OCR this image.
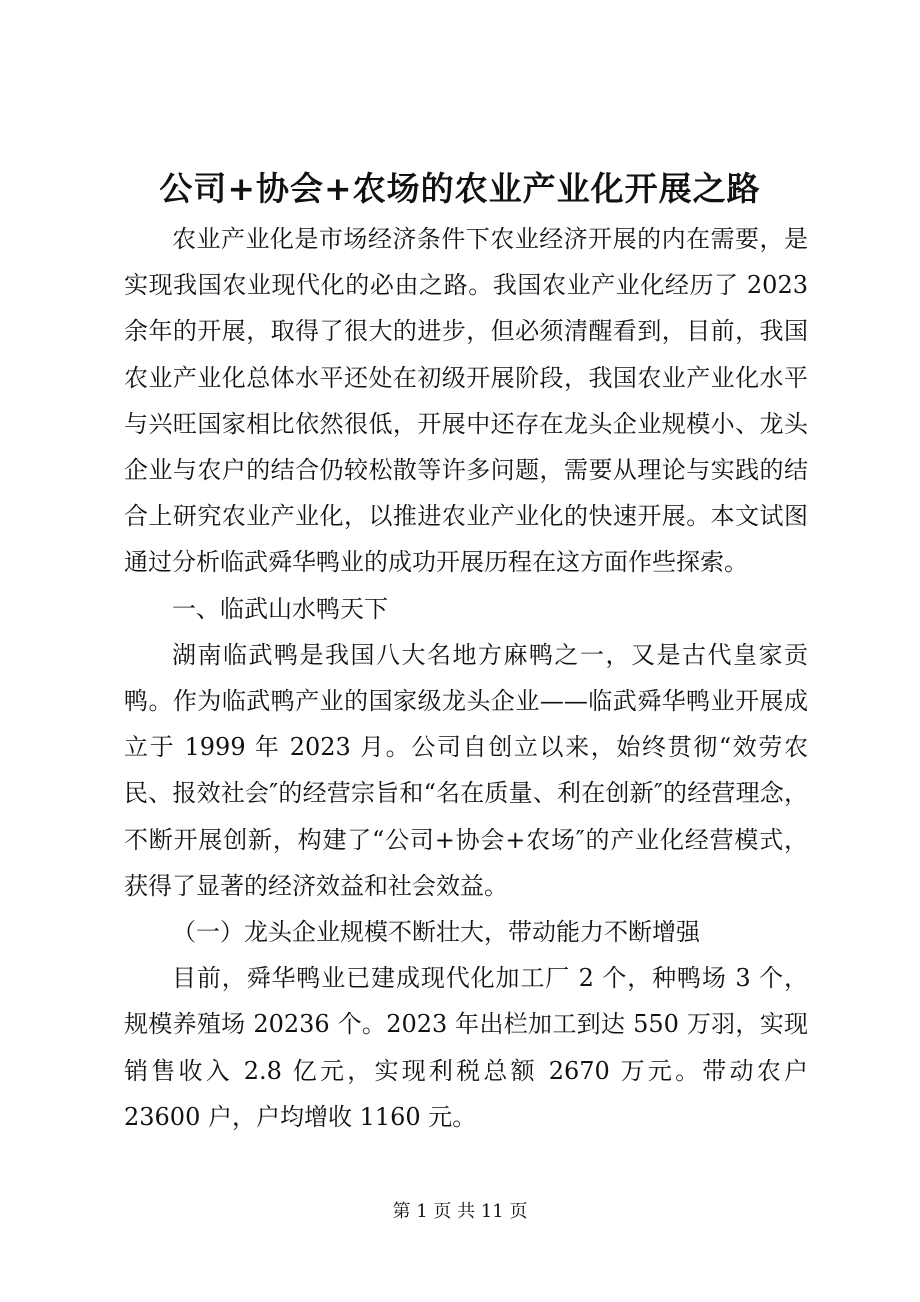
公司+协会+农场的农业产业化开展之路

农业产业化是市场经济条件下农业经济开展的内在需要，是实现我国农业现代化的必由之路。我国农业产业化经历了 2023 余年的开展，取得了很大的进步，但必须清醒看到，目前，我国农业产业化总体水平还处在初级开展阶段，我国农业产业化水平与兴旺国家相比依然很低，开展中还存在龙头企业规模小、龙头企业与农户的结合仍较松散等许多问题，需要从理论与实践的结合上研究农业产业化，以推进农业产业化的快速开展。本文试图通过分析临武舜华鸭业的成功开展历程在这方面作些探索。

一、临武山水鸭天下

湖南临武鸭是我国八大名地方麻鸭之一，又是古代皇家贡鸭。作为临武鸭产业的国家级龙头企业——临武舜华鸭业开展成立于 1999 年 2023 月。公司自创立以来，始终贯彻“效劳农民、报效社会″的经营宗旨和“名在质量、利在创新″的经营理念，不断开展创新，构建了“公司+协会+农场″的产业化经营模式，获得了显著的经济效益和社会效益。

（一）龙头企业规模不断壮大，带动能力不断增强

目前，舜华鸭业已建成现代化加工厂 2 个，种鸭场 3 个，规模养殖场 20236 个。2023 年出栏加工到达 550 万羽，实现销售收入 2.8 亿元，实现利税总额 2670 万元。带动农户 23600 户，户均增收 1160 元。

第 1 页 共 11 页
